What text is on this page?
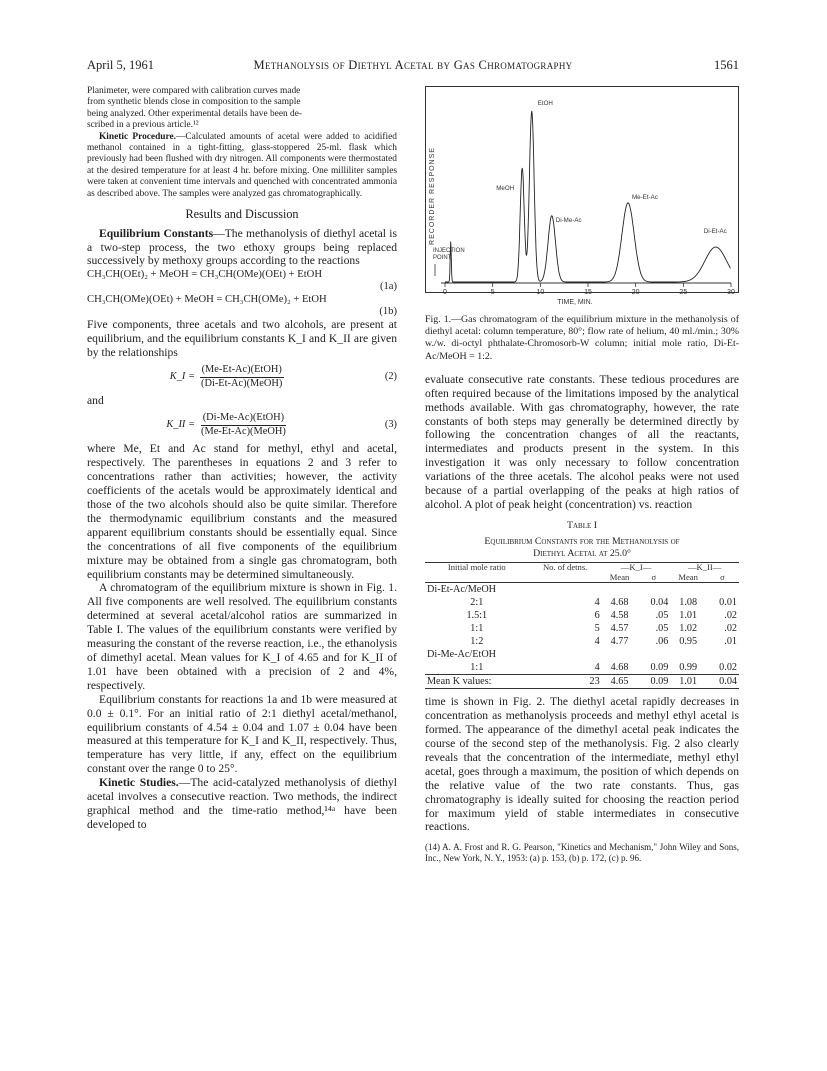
April 5, 1961	Methanolysis of Diethyl Acetal by Gas Chromatography	1561
Planimeter, were compared with calibration curves made
from synthetic blends close in composition to the sample
being analyzed. Other experimental details have been de-
scribed in a previous article.¹²

Kinetic Procedure.—Calculated amounts of acetal were added to acidified methanol contained in a tight-fitting, glass-stoppered 25-ml. flask which previously had been flushed with dry nitrogen. All components were thermostated at the desired temperature for at least 4 hr. before mixing. One milliliter samples were taken at convenient time intervals and quenched with concentrated ammonia as described above. The samples were analyzed gas chromatographically.

Results and Discussion

Equilibrium Constants—The methanolysis of diethyl acetal is a two-step process, the two ethoxy groups being replaced successively by methoxy groups according to the reactions

CH₃CH(OEt)₂ + MeOH = CH₃CH(OMe)(OEt) + EtOH
(1a)
CH₃CH(OMe)(OEt) + MeOH = CH₃CH(OMe)₂ + EtOH
(1b)

Five components, three acetals and two alcohols, are present at equilibrium, and the equilibrium constants K_I and K_II are given by the relationships

K_I = $\frac{\text{(Me-Et-Ac)(EtOH)}}{\text{(Di-Et-Ac)(MeOH)}}$	(2)
and
K_II = $\frac{\text{(Di-Me-Ac)(EtOH)}}{\text{(Me-Et-Ac)(MeOH)}}$	(3)

where Me, Et and Ac stand for methyl, ethyl and acetal, respectively. The parentheses in equations 2 and 3 refer to concentrations rather than activities; however, the activity coefficients of the acetals would be approximately identical and those of the two alcohols should also be quite similar. Therefore the thermodynamic equilibrium constants and the measured apparent equilibrium constants should be essentially equal. Since the concentrations of all five components of the equilibrium mixture may be obtained from a single gas chromatogram, both equilibrium constants may be determined simultaneously.

A chromatogram of the equilibrium mixture is shown in Fig. 1. All five components are well resolved. The equilibrium constants determined at several acetal/alcohol ratios are summarized in Table I. The values of the equilibrium constants were verified by measuring the constant of the reverse reaction, i.e., the ethanolysis of dimethyl acetal. Mean values for K_I of 4.65 and for K_II of 1.01 have been obtained with a precision of 2 and 4%, respectively.

Equilibrium constants for reactions 1a and 1b were measured at 0.0 ± 0.1°. For an initial ratio of 2:1 diethyl acetal/methanol, equilibrium constants of 4.54 ± 0.04 and 1.07 ± 0.04 have been measured at this temperature for K_I and K_II, respectively. Thus, temperature has very little, if any, effect on the equilibrium constant over the range 0 to 25°.

Kinetic Studies.—The acid-catalyzed methanolysis of diethyl acetal involves a consecutive reaction. Two methods, the indirect graphical method and the time-ratio method,¹⁴ᵃ have been developed to

RECORDER RESPONSE
INJECTION
POINT
0	5	10	15	20	25	30
EtOH
MeOH
Di-Me-Ac
Me-Et-Ac
Di-Et-Ac
TIME, MIN.
Fig. 1.—Gas chromatogram of the equilibrium mixture in the methanolysis of diethyl acetal: column temperature, 80°; flow rate of helium, 40 ml./min.; 30% w./w. di-octyl phthalate-Chromosorb-W column; initial mole ratio, Di-Et-Ac/MeOH = 1:2.

evaluate consecutive rate constants. These tedious procedures are often required because of the limitations imposed by the analytical methods available. With gas chromatography, however, the rate constants of both steps may generally be determined directly by following the concentration changes of all the reactants, intermediates and products present in the system. In this investigation it was only necessary to follow concentration variations of the three acetals. The alcohol peaks were not used because of a partial overlapping of the peaks at high ratios of alcohol. A plot of peak height (concentration) vs. reaction

Table I
Equilibrium Constants for the Methanolysis of
Diethyl Acetal at 25.0°
Initial mole ratio	No. of detns.	—K_I—		—K_II—	
		Mean	σ	Mean	σ
Di-Et-Ac/MeOH					
2:1	4	4.68	0.04	1.08	0.01
1.5:1	6	4.58	.05	1.01	.02
1:1	5	4.57	.05	1.02	.02
1:2	4	4.77	.06	0.95	.01
Di-Me-Ac/EtOH					
1:1	4	4.68	0.09	0.99	0.02
Mean K values:	23	4.65	0.09	1.01	0.04

time is shown in Fig. 2. The diethyl acetal rapidly decreases in concentration as methanolysis proceeds and methyl ethyl acetal is formed. The appearance of the dimethyl acetal peak indicates the course of the second step of the methanolysis. Fig. 2 also clearly reveals that the concentration of the intermediate, methyl ethyl acetal, goes through a maximum, the position of which depends on the relative value of the two rate constants. Thus, gas chromatography is ideally suited for choosing the reaction period for maximum yield of stable intermediates in consecutive reactions.

(14) A. A. Frost and R. G. Pearson, "Kinetics and Mechanism," John Wiley and Sons, Inc., New York, N. Y., 1953: (a) p. 153, (b) p. 172, (c) p. 96.
